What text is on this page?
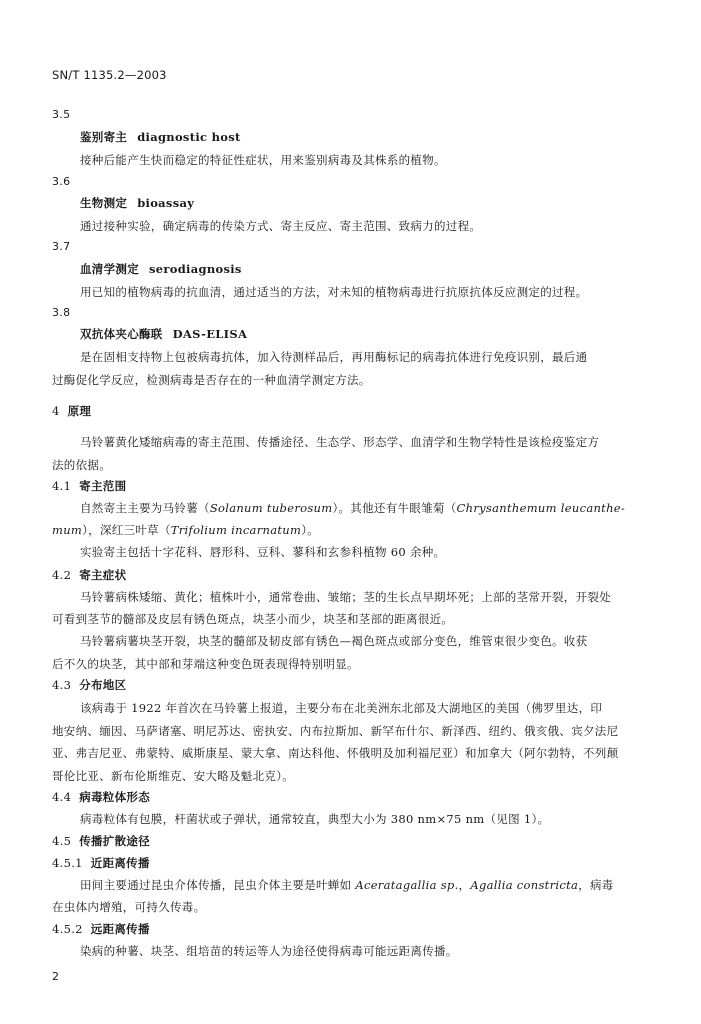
SN/T 1135.2—2003
3.5
鉴别寄主 diagnostic host
接种后能产生快而稳定的特征性症状，用来鉴别病毒及其株系的植物。
3.6
生物测定 bioassay
通过接种实验，确定病毒的传染方式、寄主反应、寄主范围、致病力的过程。
3.7
血清学测定 serodiagnosis
用已知的植物病毒的抗血清，通过适当的方法，对未知的植物病毒进行抗原抗体反应测定的过程。
3.8
双抗体夹心酶联 DAS-ELISA
是在固相支持物上包被病毒抗体，加入待测样品后，再用酶标记的病毒抗体进行免疫识别，最后通
过酶促化学反应，检测病毒是否存在的一种血清学测定方法。
4 原理
马铃薯黄化矮缩病毒的寄主范围、传播途径、生态学、形态学、血清学和生物学特性是该检疫鉴定方
法的依据。
4.1 寄主范围
自然寄主主要为马铃薯（Solanum tuberosum）。其他还有牛眼雏菊（Chrysanthemum leucanthe-
mum），深红三叶草（Trifolium incarnatum）。
实验寄主包括十字花科、唇形科、豆科、蓼科和玄参科植物 60 余种。
4.2 寄主症状
马铃薯病株矮缩、黄化；植株叶小，通常卷曲、皱缩；茎的生长点早期坏死；上部的茎常开裂，开裂处
可看到茎节的髓部及皮层有锈色斑点，块茎小而少，块茎和茎部的距离很近。
马铃薯病薯块茎开裂，块茎的髓部及韧皮部有锈色—褐色斑点或部分变色，维管束很少变色。收获
后不久的块茎，其中部和芽端这种变色斑表现得特别明显。
4.3 分布地区
该病毒于 1922 年首次在马铃薯上报道，主要分布在北美洲东北部及大湖地区的美国（佛罗里达，印
地安纳、缅因、马萨诸塞、明尼苏达、密执安、内布拉斯加、新罕布什尔、新泽西、纽约、俄亥俄、宾夕法尼
亚、弗吉尼亚、弗蒙特、威斯康星、蒙大拿、南达科他、怀俄明及加利福尼亚）和加拿大（阿尔勃特，不列颠
哥伦比亚、新布伦斯维克、安大略及魁北克）。
4.4 病毒粒体形态
病毒粒体有包膜，杆菌状或子弹状，通常较直，典型大小为 380 nm×75 nm（见图 1）。
4.5 传播扩散途径
4.5.1 近距离传播
田间主要通过昆虫介体传播，昆虫介体主要是叶蝉如 Aceratagallia sp.，Agallia constricta，病毒
在虫体内增殖，可持久传毒。
4.5.2 远距离传播
染病的种薯、块茎、组培苗的转运等人为途径使得病毒可能远距离传播。
2
